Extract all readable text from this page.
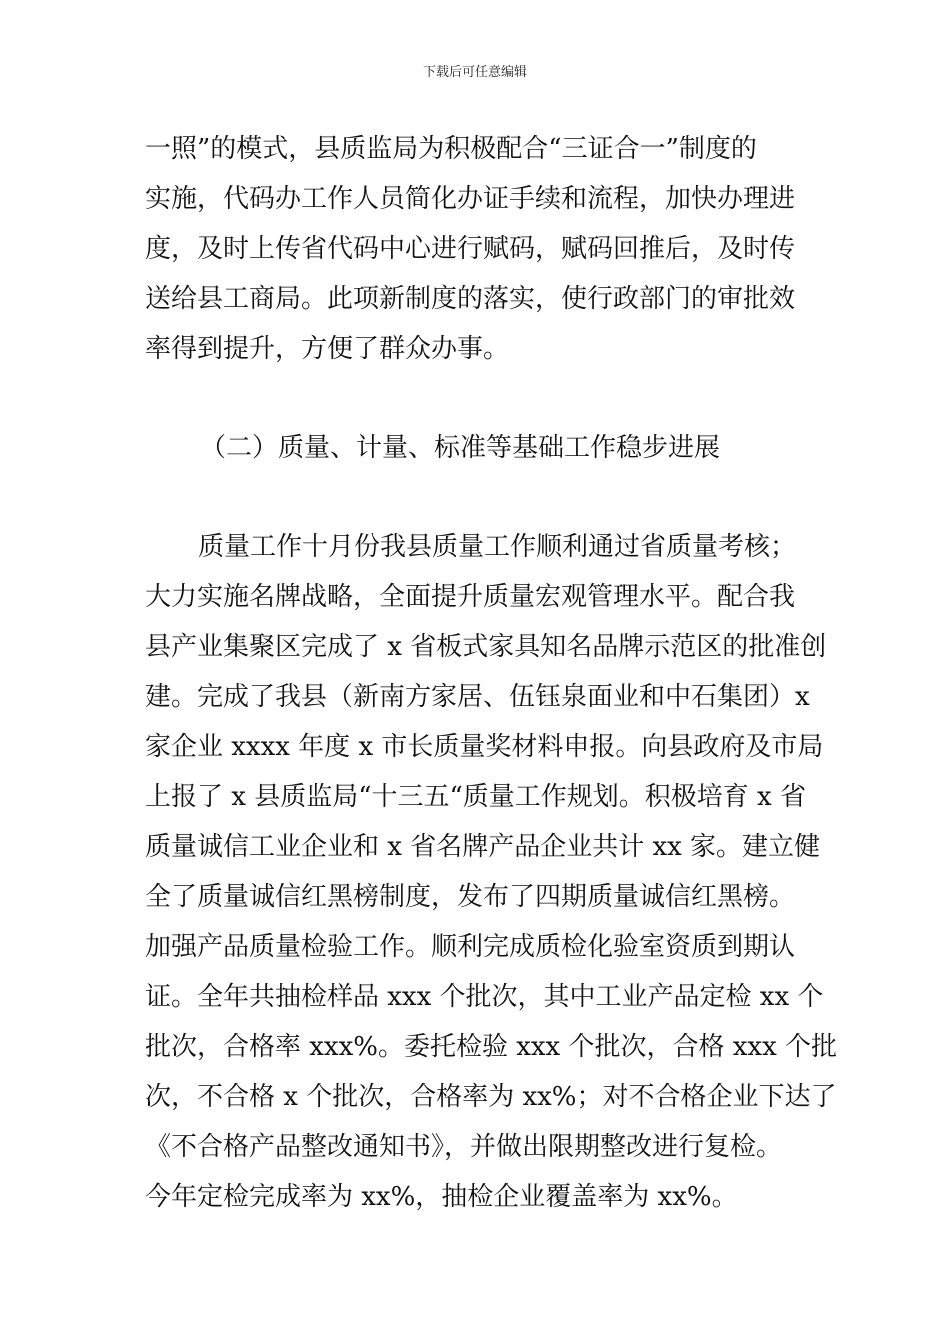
下载后可任意编辑
一照”的模式，县质监局为积极配合“三证合一”制度的
实施，代码办工作人员简化办证手续和流程，加快办理进
度，及时上传省代码中心进行赋码，赋码回推后，及时传
送给县工商局。此项新制度的落实，使行政部门的审批效
率得到提升，方便了群众办事。
（二）质量、计量、标准等基础工作稳步进展
质量工作十月份我县质量工作顺利通过省质量考核；
大力实施名牌战略，全面提升质量宏观管理水平。配合我
县产业集聚区完成了 x 省板式家具知名品牌示范区的批准创
建。完成了我县（新南方家居、伍钰泉面业和中石集团）x
家企业 xxxx 年度 x 市长质量奖材料申报。向县政府及市局
上报了 x 县质监局“十三五“质量工作规划。积极培育 x 省
质量诚信工业企业和 x 省名牌产品企业共计 xx 家。建立健
全了质量诚信红黑榜制度，发布了四期质量诚信红黑榜。
加强产品质量检验工作。顺利完成质检化验室资质到期认
证。全年共抽检样品 xxx 个批次，其中工业产品定检 xx 个
批次，合格率 xxx%。委托检验 xxx 个批次，合格 xxx 个批
次，不合格 x 个批次，合格率为 xx%；对不合格企业下达了
《不合格产品整改通知书》，并做出限期整改进行复检。
今年定检完成率为 xx%，抽检企业覆盖率为 xx%。
